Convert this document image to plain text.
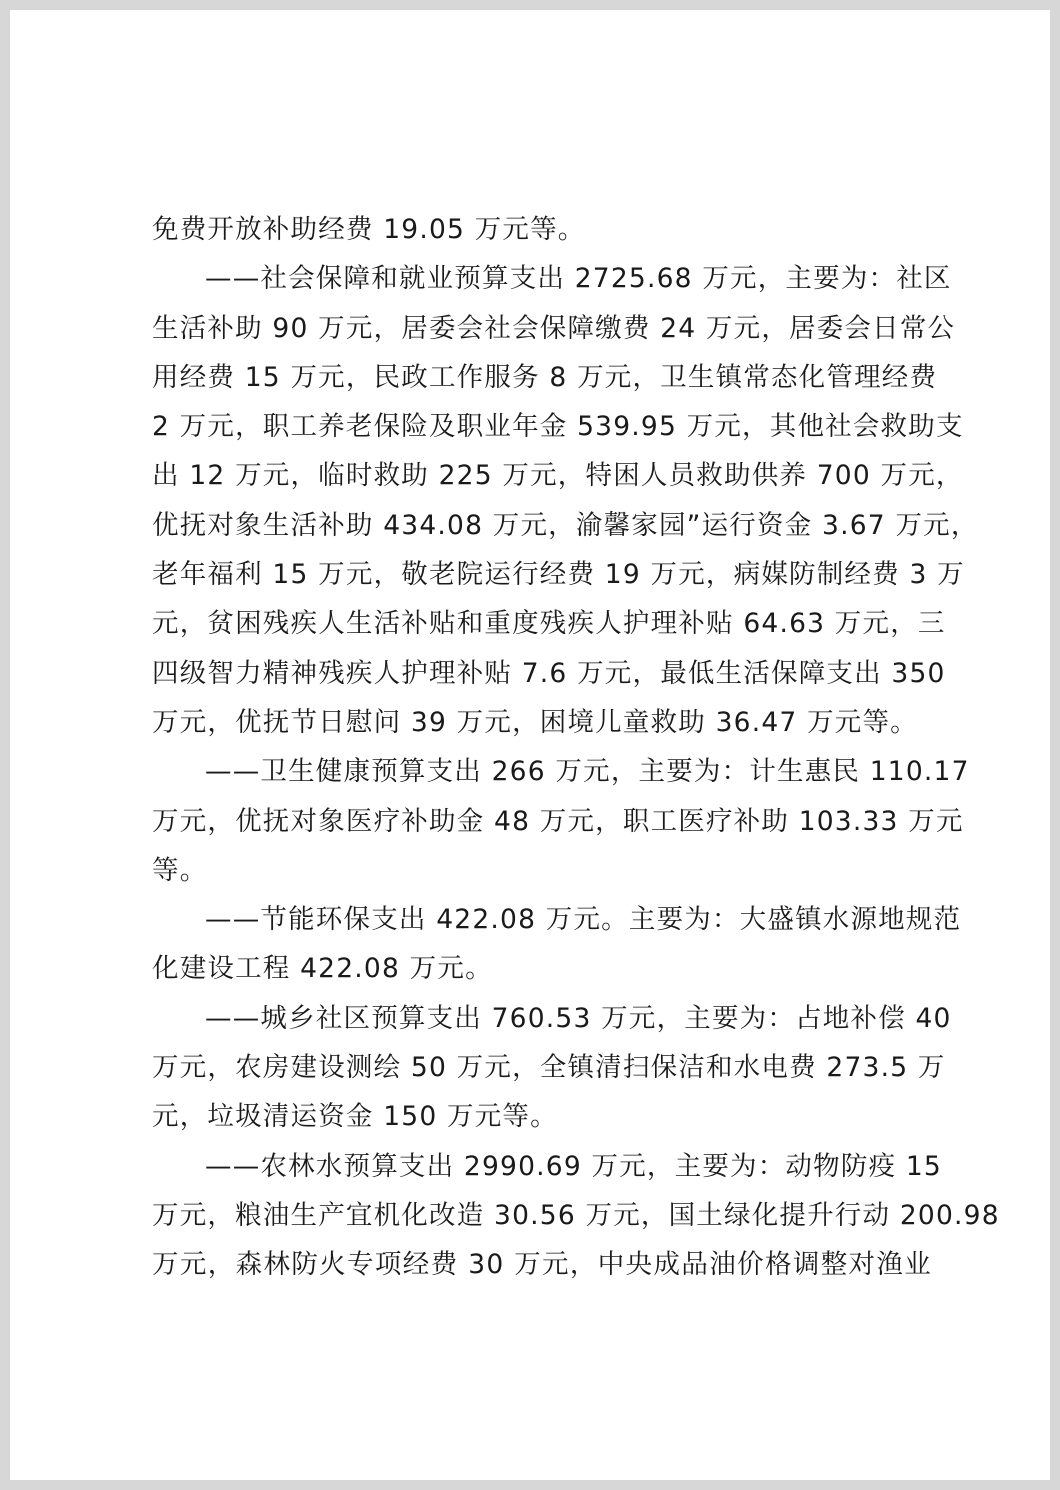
免费开放补助经费 19.05 万元等。
——社会保障和就业预算支出 2725.68 万元，主要为：社区
生活补助 90 万元，居委会社会保障缴费 24 万元，居委会日常公
用经费 15 万元，民政工作服务 8 万元，卫生镇常态化管理经费
2 万元，职工养老保险及职业年金 539.95 万元，其他社会救助支
出 12 万元，临时救助 225 万元，特困人员救助供养 700 万元，
优抚对象生活补助 434.08 万元，渝馨家园”运行资金 3.67 万元，
老年福利 15 万元，敬老院运行经费 19 万元，病媒防制经费 3 万
元，贫困残疾人生活补贴和重度残疾人护理补贴 64.63 万元，三
四级智力精神残疾人护理补贴 7.6 万元，最低生活保障支出 350
万元，优抚节日慰问 39 万元，困境儿童救助 36.47 万元等。
——卫生健康预算支出 266 万元，主要为：计生惠民 110.17
万元，优抚对象医疗补助金 48 万元，职工医疗补助 103.33 万元
等。
——节能环保支出 422.08 万元。主要为：大盛镇水源地规范
化建设工程 422.08 万元。
——城乡社区预算支出 760.53 万元，主要为：占地补偿 40
万元，农房建设测绘 50 万元，全镇清扫保洁和水电费 273.5 万
元，垃圾清运资金 150 万元等。
——农林水预算支出 2990.69 万元，主要为：动物防疫 15
万元，粮油生产宜机化改造 30.56 万元，国土绿化提升行动 200.98
万元，森林防火专项经费 30 万元，中央成品油价格调整对渔业
